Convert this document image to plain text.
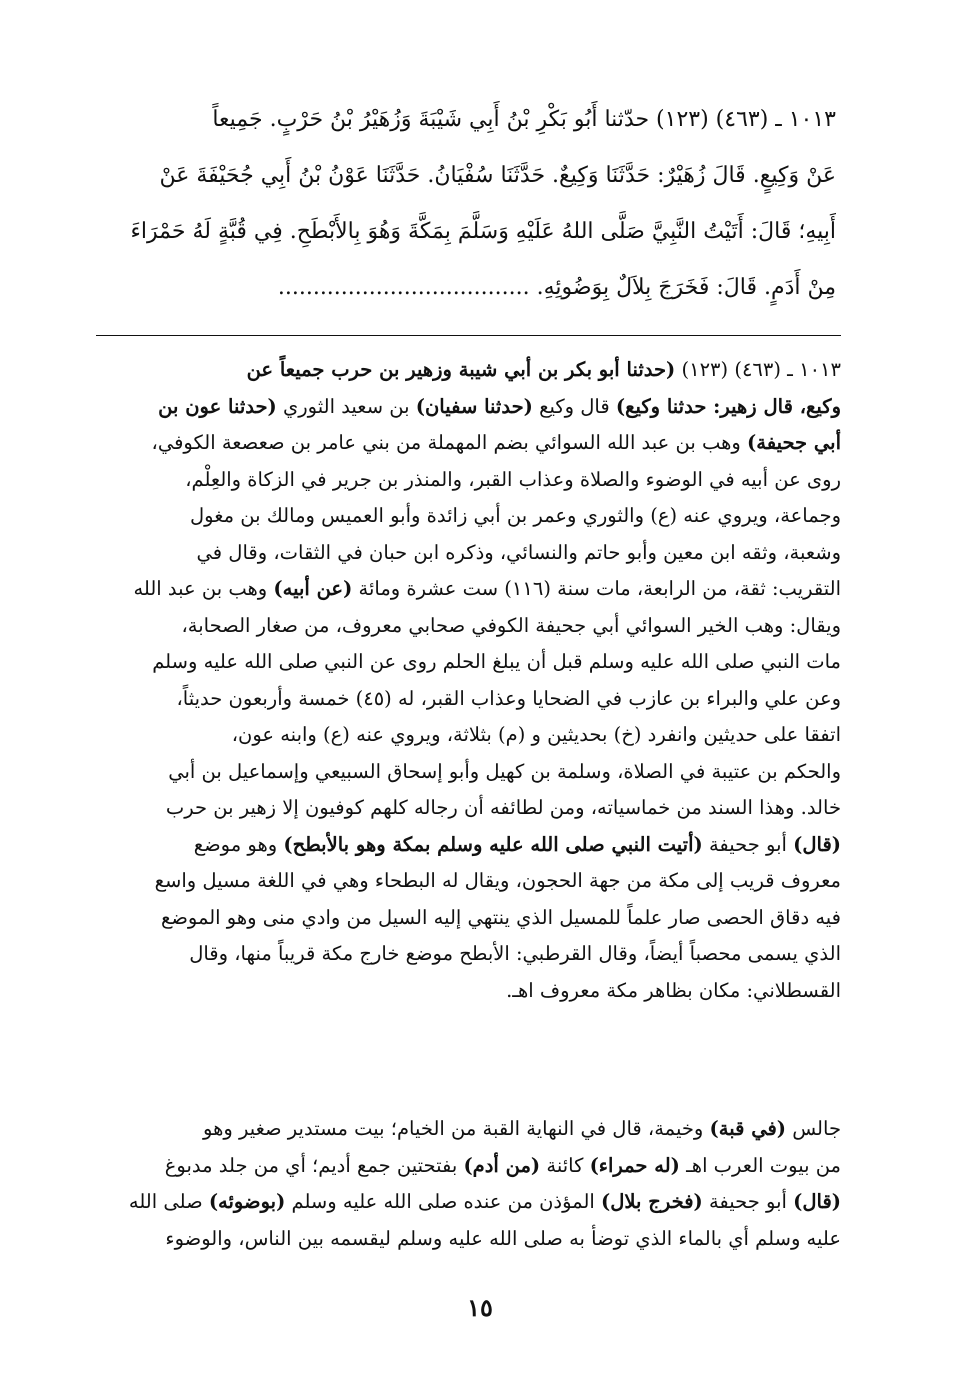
١٠١٣ ـ (٤٦٣) (١٢٣) حدّثنا أَبُو بَكْرِ بْنُ أَبِي شَيْبَةَ وَزُهَيْرُ بْنُ حَرْبٍ. جَمِيعاً
عَنْ وَكِيعٍ. قَالَ زُهَيْرٌ: حَدَّثَنَا وَكِيعٌ. حَدَّثَنَا سُفْيَانُ. حَدَّثَنَا عَوْنُ بْنُ أَبِي جُحَيْفَةَ عَنْ
أَبِيهِ؛ قَالَ: أَتَيْتُ النَّبِيَّ صَلَّى اللهُ عَلَيْهِ وَسَلَّمَ بِمَكَّةَ وَهُوَ بِالأَبْطَحِ. فِي قُبَّةٍ لَهُ حَمْرَاءَ
مِنْ أَدَمٍ. قَالَ: فَخَرَجَ بِلاَلٌ بِوَضُوئِهِ. ....................................
١٠١٣ ـ (٤٦٣) (١٢٣) (حدثنا أبو بكر بن أبي شيبة وزهير بن حرب جميعاً عن
وكيع، قال زهير: حدثنا وكيع) قال وكيع (حدثنا سفيان) بن سعيد الثوري (حدثنا عون بن
أبي جحيفة) وهب بن عبد الله السوائي بضم المهملة من بني عامر بن صعصعة الكوفي،
روى عن أبيه في الوضوء والصلاة وعذاب القبر، والمنذر بن جرير في الزكاة والعِلْم،
وجماعة، ويروي عنه (ع) والثوري وعمر بن أبي زائدة وأبو العميس ومالك بن مغول
وشعبة، وثقه ابن معين وأبو حاتم والنسائي، وذكره ابن حبان في الثقات، وقال في
التقريب: ثقة، من الرابعة، مات سنة (١١٦) ست عشرة ومائة (عن أبيه) وهب بن عبد الله
ويقال: وهب الخير السوائي أبي جحيفة الكوفي صحابي معروف، من صغار الصحابة،
مات النبي صلى الله عليه وسلم قبل أن يبلغ الحلم روى عن النبي صلى الله عليه وسلم
وعن علي والبراء بن عازب في الضحايا وعذاب القبر، له (٤٥) خمسة وأربعون حديثاً،
اتفقا على حديثين وانفرد (خ) بحديثين و (م) بثلاثة، ويروي عنه (ع) وابنه عون،
والحكم بن عتيبة في الصلاة، وسلمة بن كهيل وأبو إسحاق السبيعي وإسماعيل بن أبي
خالد. وهذا السند من خماسياته، ومن لطائفه أن رجاله كلهم كوفيون إلا زهير بن حرب
(قال) أبو جحيفة (أتيت النبي صلى الله عليه وسلم بمكة وهو بالأبطح) وهو موضع
معروف قريب إلى مكة من جهة الحجون، ويقال له البطحاء وهي في اللغة مسيل واسع
فيه دقاق الحصى صار علماً للمسيل الذي ينتهي إليه السيل من وادي منى وهو الموضع
الذي يسمى محصباً أيضاً، وقال القرطبي: الأبطح موضع خارج مكة قريباً منها، وقال
القسطلاني: مكان بظاهر مكة معروف اهـ.
جالس (في قبة) وخيمة، قال في النهاية القبة من الخيام؛ بيت مستدير صغير وهو
من بيوت العرب اهـ (له حمراء) كائنة (من أدم) بفتحتين جمع أديم؛ أي من جلد مدبوغ
(قال) أبو جحيفة (فخرج بلال) المؤذن من عنده صلى الله عليه وسلم (بوضوئه) صلى الله
عليه وسلم أي بالماء الذي توضأ به صلى الله عليه وسلم ليقسمه بين الناس، والوضوء
١٥
